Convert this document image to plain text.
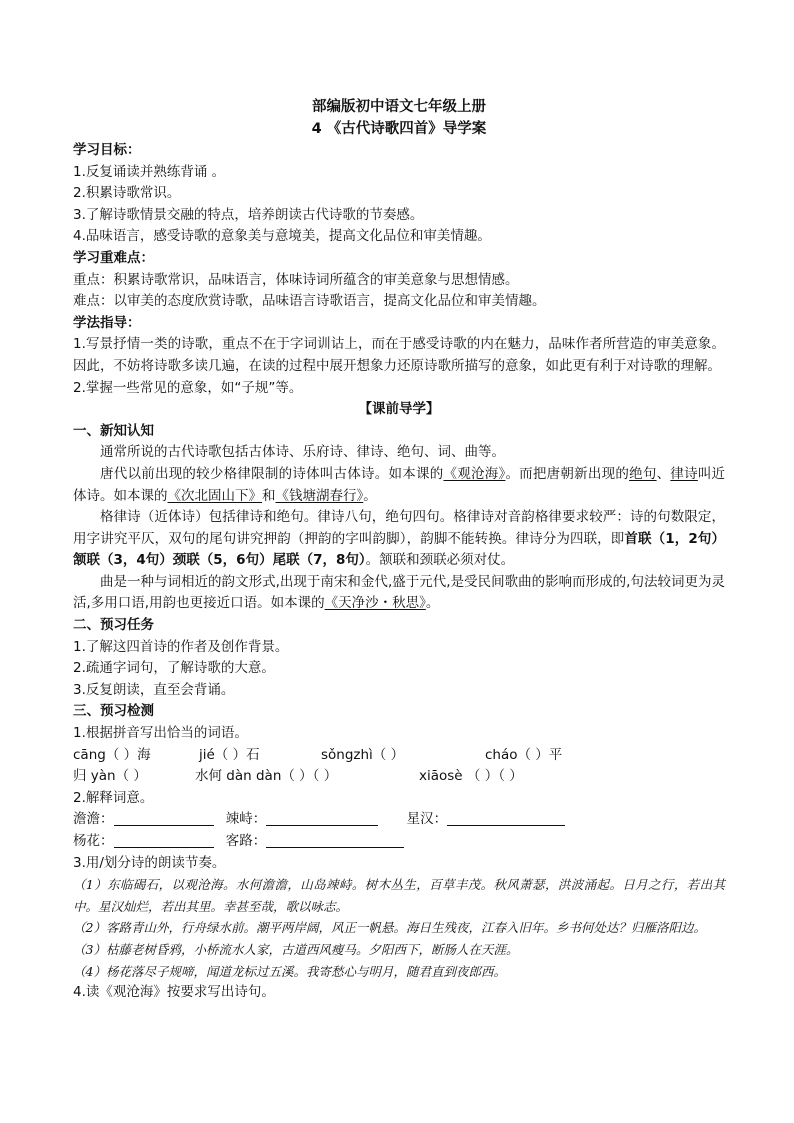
部编版初中语文七年级上册
4 《古代诗歌四首》导学案
学习目标：
1.反复诵读并熟练背诵 。
2.积累诗歌常识。
3.了解诗歌情景交融的特点，培养朗读古代诗歌的节奏感。
4.品味语言，感受诗歌的意象美与意境美，提高文化品位和审美情趣。
学习重难点：
重点：积累诗歌常识，品味语言，体味诗词所蕴含的审美意象与思想情感。
难点：以审美的态度欣赏诗歌，品味语言诗歌语言，提高文化品位和审美情趣。
学法指导：
1.写景抒情一类的诗歌，重点不在于字词训诂上，而在于感受诗歌的内在魅力，品味作者所营造的审美意象。因此，不妨将诗歌多读几遍，在读的过程中展开想象力还原诗歌所描写的意象，如此更有利于对诗歌的理解。
2.掌握一些常见的意象，如“子规”等。
【课前导学】
一、新知认知
通常所说的古代诗歌包括古体诗、乐府诗、律诗、绝句、词、曲等。
唐代以前出现的较少格律限制的诗体叫古体诗。如本课的《观沧海》。而把唐朝新出现的绝句、律诗叫近体诗。如本课的《次北固山下》和《钱塘湖春行》。
格律诗（近体诗）包括律诗和绝句。律诗八句，绝句四句。格律诗对音韵格律要求较严：诗的句数限定，用字讲究平仄，双句的尾句讲究押韵（押韵的字叫韵脚），韵脚不能转换。律诗分为四联，即首联（1，2句）颔联（3，4句）颈联（5，6句）尾联（7，8句）。颔联和颈联必须对仗。
曲是一种与词相近的韵文形式,出现于南宋和金代,盛于元代,是受民间歌曲的影响而形成的,句法较词更为灵活,多用口语,用韵也更接近口语。如本课的《天净沙・秋思》。
二、预习任务
1.了解这四首诗的作者及创作背景。
2.疏通字词句，了解诗歌的大意。
3.反复朗读，直至会背诵。
三、预习检测
1.根据拼音写出恰当的词语。
cāng（ ）海	jié（ ）石	sǒngzhì（ ）	cháo（ ）平
归 yàn（ ）	水何 dàn dàn（ ）（ ）	xiāosè （ ）（ ）
2.解释词意。
澹澹：	竦峙：	星汉：
杨花：	客路：
3.用/划分诗的朗读节奏。
（1）东临碣石，以观沧海。水何澹澹，山岛竦峙。树木丛生，百草丰茂。秋风萧瑟，洪波涌起。日月之行，若出其中。星汉灿烂，若出其里。幸甚至哉，歌以咏志。
（2）客路青山外，行舟绿水前。潮平两岸阔，风正一帆悬。海日生残夜，江春入旧年。乡书何处达？归雁洛阳边。
（3）枯藤老树昏鸦，小桥流水人家，古道西风瘦马。夕阳西下，断肠人在天涯。
（4）杨花落尽子规啼，闻道龙标过五溪。我寄愁心与明月，随君直到夜郎西。
4.读《观沧海》按要求写出诗句。
